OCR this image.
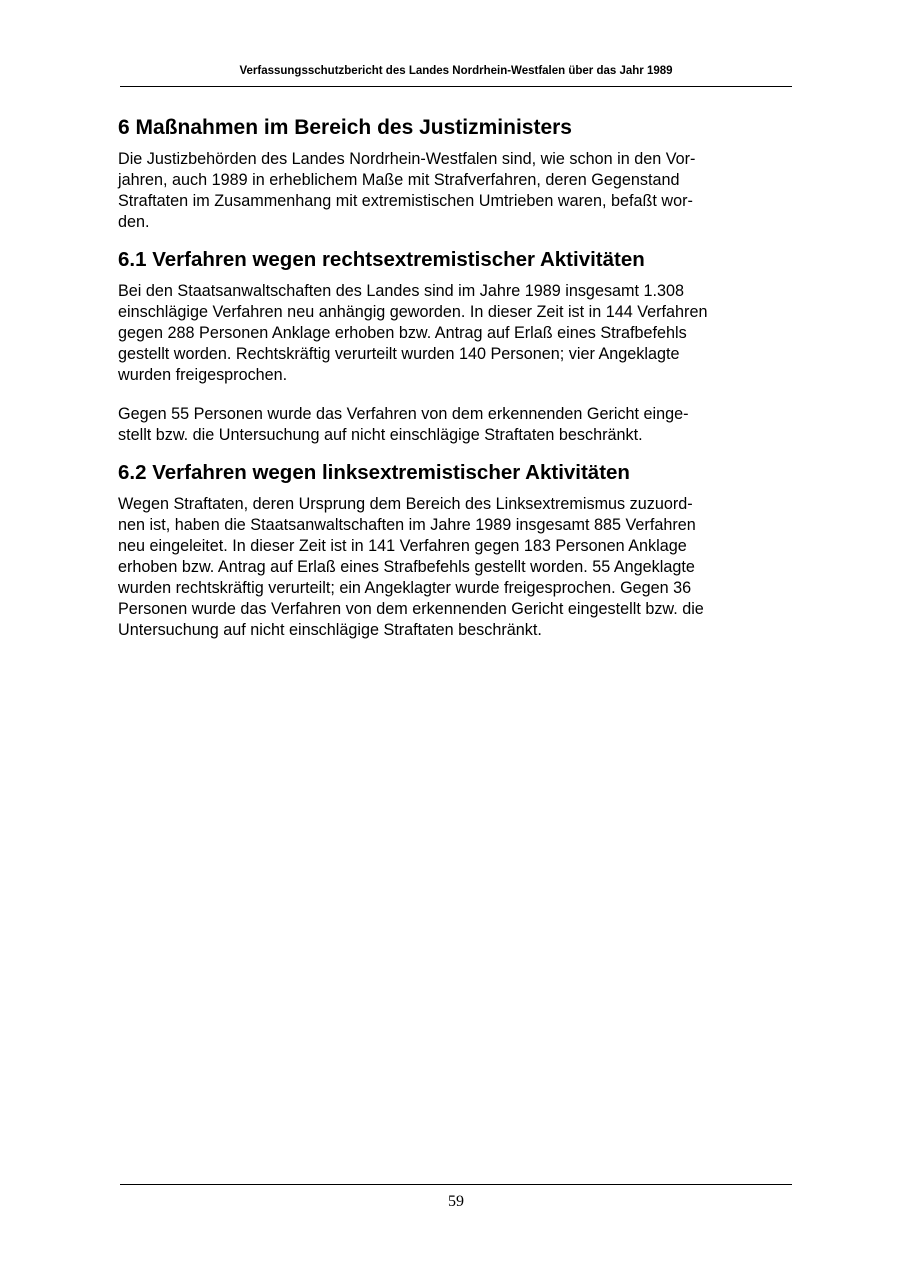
Verfassungsschutzbericht des Landes Nordrhein-Westfalen über das Jahr 1989
6 Maßnahmen im Bereich des Justizministers

Die Justizbehörden des Landes Nordrhein-Westfalen sind, wie schon in den Vor-
jahren, auch 1989 in erheblichem Maße mit Strafverfahren, deren Gegenstand
Straftaten im Zusammenhang mit extremistischen Umtrieben waren, befaßt wor-
den.

6.1 Verfahren wegen rechtsextremistischer Aktivitäten

Bei den Staatsanwaltschaften des Landes sind im Jahre 1989 insgesamt 1.308
einschlägige Verfahren neu anhängig geworden. In dieser Zeit ist in 144 Verfahren
gegen 288 Personen Anklage erhoben bzw. Antrag auf Erlaß eines Strafbefehls
gestellt worden. Rechtskräftig verurteilt wurden 140 Personen; vier Angeklagte
wurden freigesprochen.

Gegen 55 Personen wurde das Verfahren von dem erkennenden Gericht einge-
stellt bzw. die Untersuchung auf nicht einschlägige Straftaten beschränkt.

6.2 Verfahren wegen linksextremistischer Aktivitäten

Wegen Straftaten, deren Ursprung dem Bereich des Linksextremismus zuzuord-
nen ist, haben die Staatsanwaltschaften im Jahre 1989 insgesamt 885 Verfahren
neu eingeleitet. In dieser Zeit ist in 141 Verfahren gegen 183 Personen Anklage
erhoben bzw. Antrag auf Erlaß eines Strafbefehls gestellt worden. 55 Angeklagte
wurden rechtskräftig verurteilt; ein Angeklagter wurde freigesprochen. Gegen 36
Personen wurde das Verfahren von dem erkennenden Gericht eingestellt bzw. die
Untersuchung auf nicht einschlägige Straftaten beschränkt.

59
